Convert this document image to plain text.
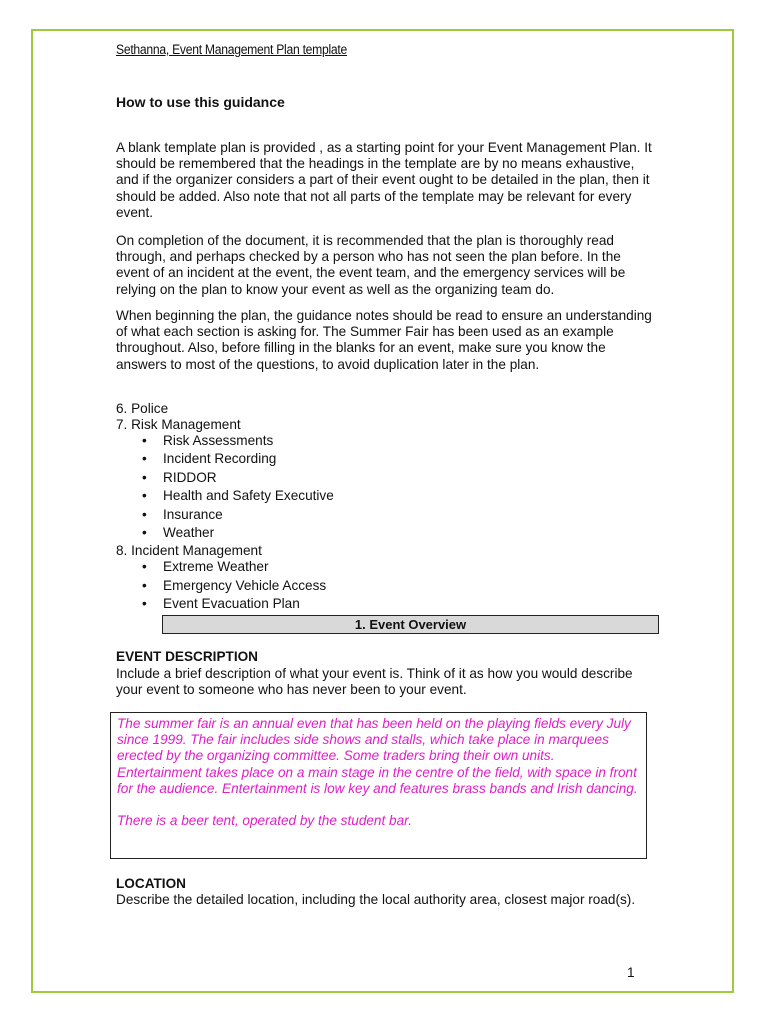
Sethanna, Event Management Plan template
How to use this guidance

A blank template plan is provided , as a starting point for your Event Management Plan. It should be remembered that the headings in the template are by no means exhaustive, and if the organizer considers a part of their event ought to be detailed in the plan, then it should be added. Also note that not all parts of the template may be relevant for every event.

On completion of the document, it is recommended that the plan is thoroughly read through, and perhaps checked by a person who has not seen the plan before. In the event of an incident at the event, the event team, and the emergency services will be relying on the plan to know your event as well as the organizing team do.

When beginning the plan, the guidance notes should be read to ensure an understanding of what each section is asking for. The Summer Fair has been used as an example throughout. Also, before filling in the blanks for an event, make sure you know the answers to most of the questions, to avoid duplication later in the plan.

6. Police
7. Risk Management
• Risk Assessments
• Incident Recording
• RIDDOR
• Health and Safety Executive
• Insurance
• Weather
8. Incident Management
• Extreme Weather
• Emergency Vehicle Access
• Event Evacuation Plan
1. Event Overview
EVENT DESCRIPTION

Include a brief description of what your event is. Think of it as how you would describe your event to someone who has never been to your event.

The summer fair is an annual even that has been held on the playing fields every July since 1999. The fair includes side shows and stalls, which take place in marquees erected by the organizing committee. Some traders bring their own units. Entertainment takes place on a main stage in the centre of the field, with space in front for the audience. Entertainment is low key and features brass bands and Irish dancing.

There is a beer tent, operated by the student bar.

LOCATION

Describe the detailed location, including the local authority area, closest major road(s).

1
